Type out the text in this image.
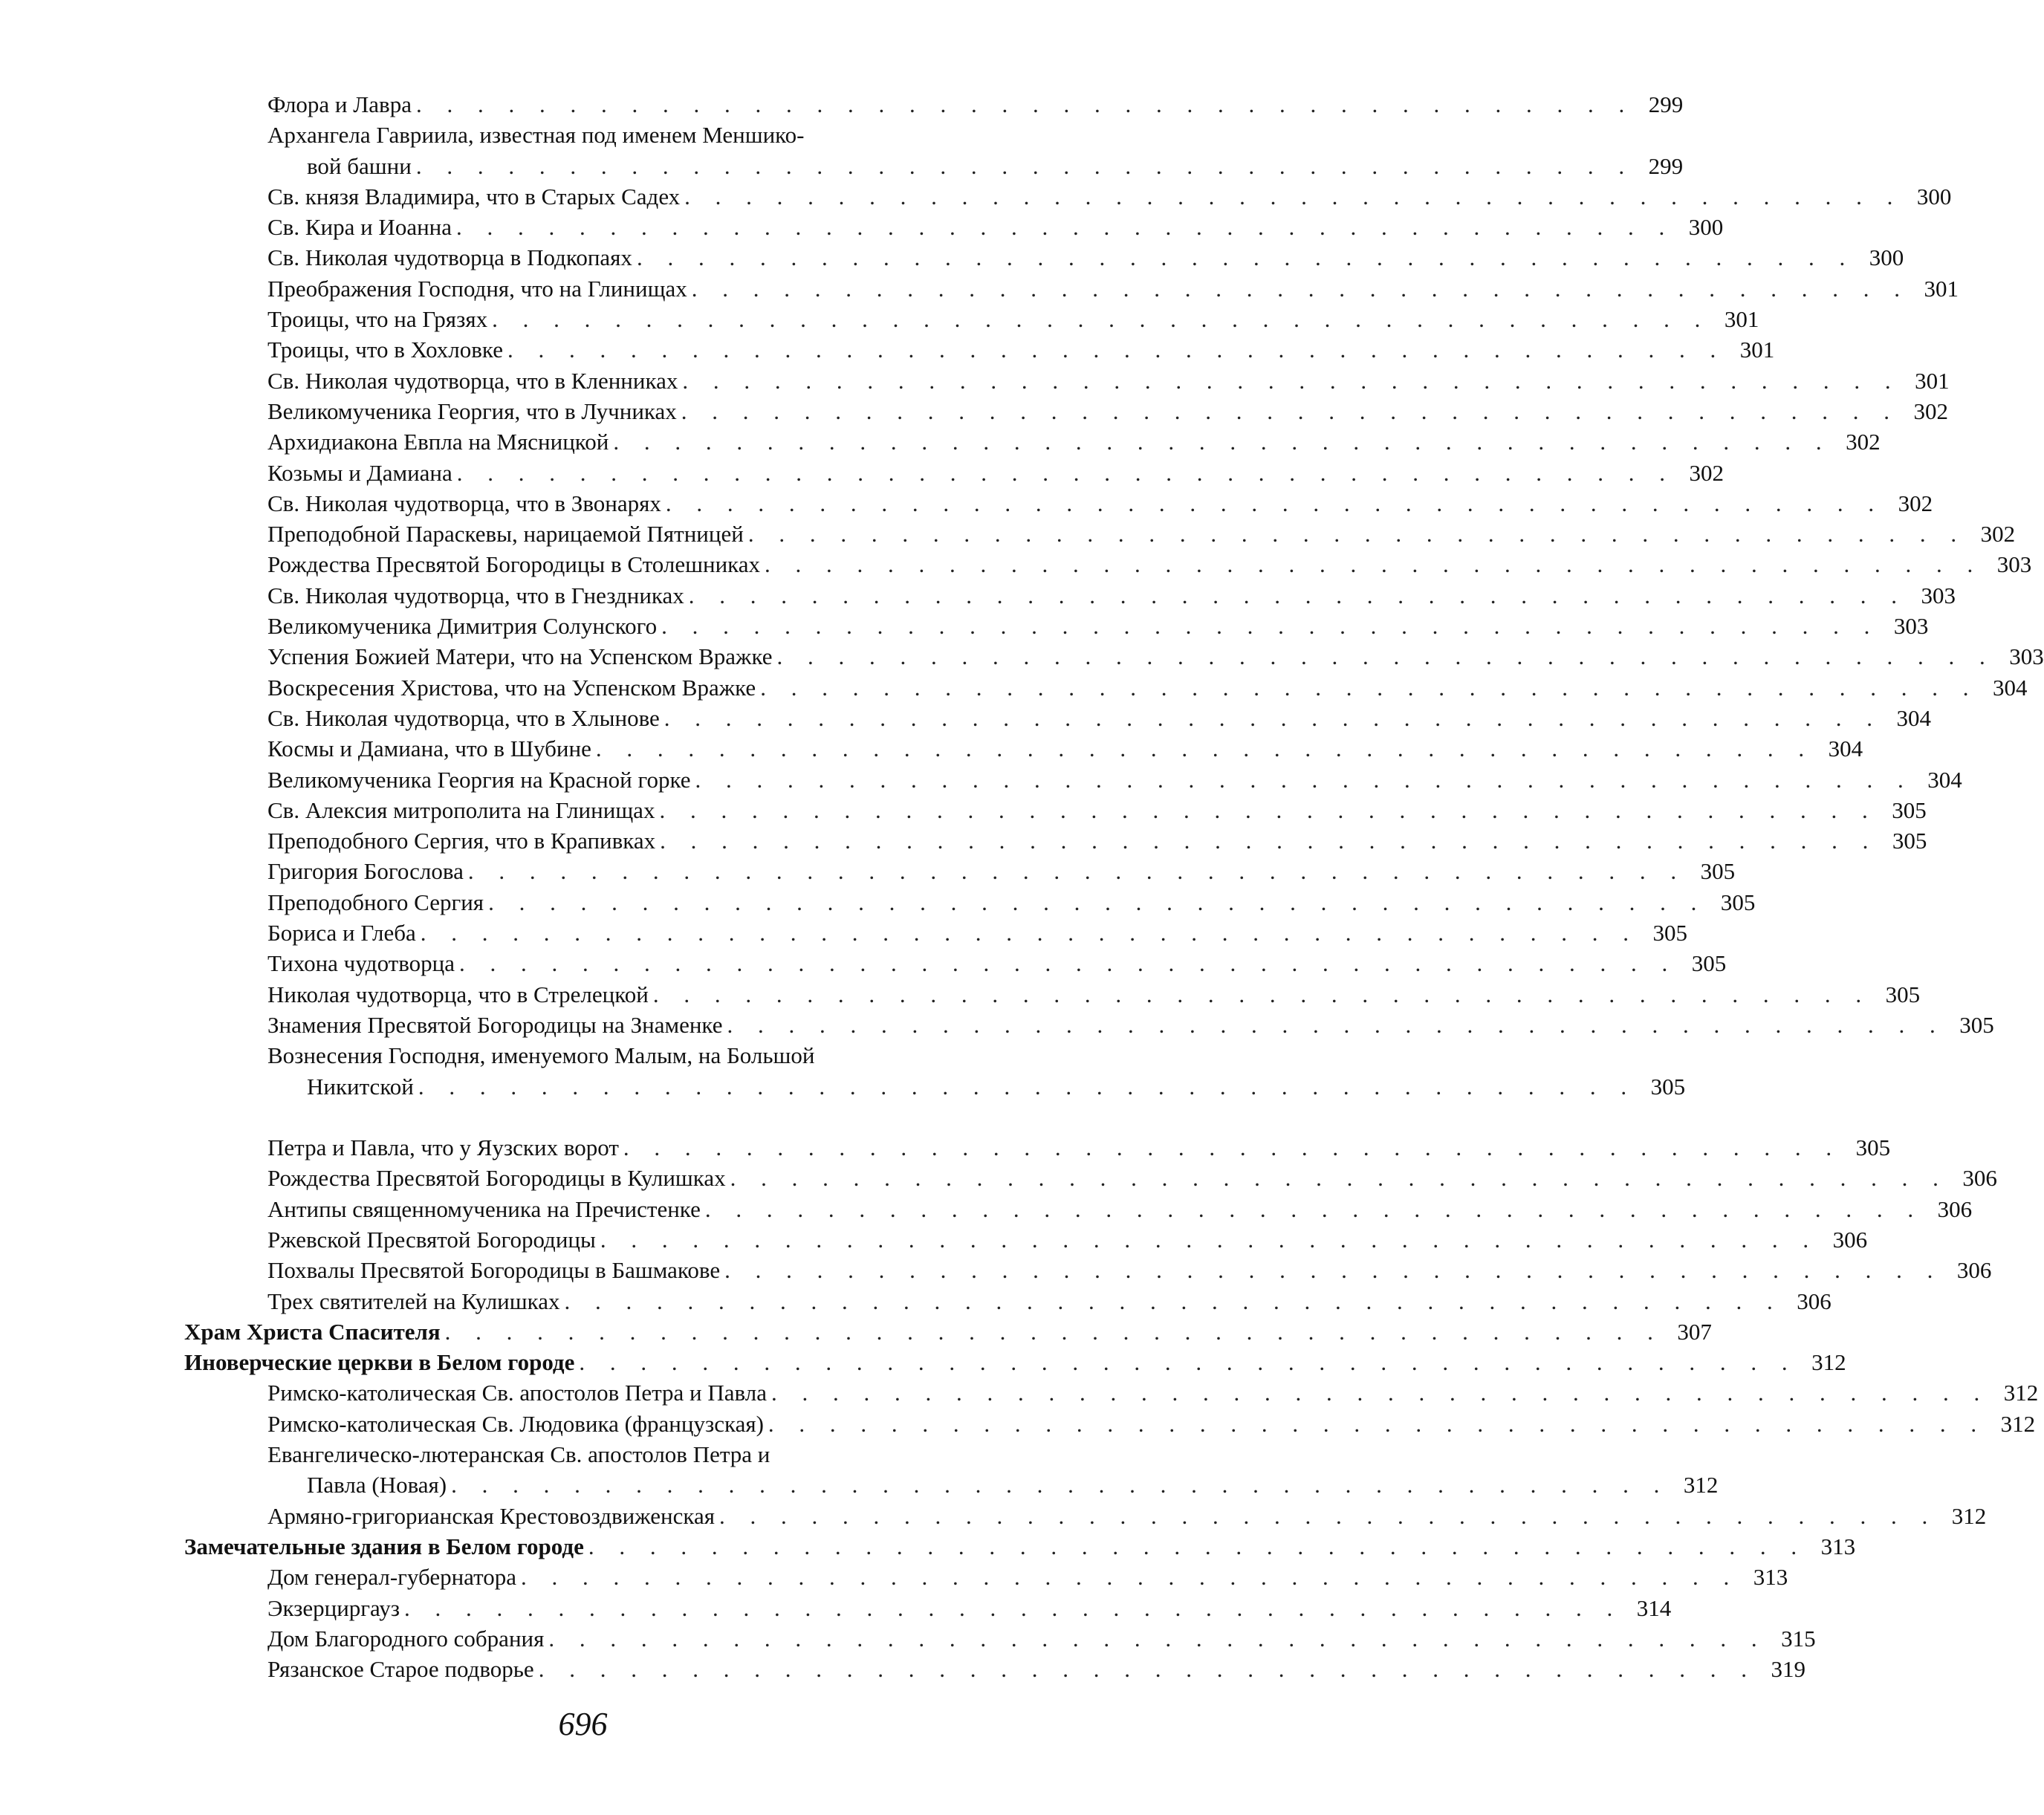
Флора и Лавра . . . . . . . . . . . . . . . . . . . . . . . . . . . . . . . . . . . . . . . . 299
Архангела Гавриила, известная под именем Меншико-
вой башни . . . . . . . . . . . . . . . . . . . . . . . . . . . . . . . . . . . . . . . . 299
Св. князя Владимира, что в Старых Садех . . . . . . . . . . . . . . . . . . . . . . . . . . . . . . . . . . . . . . . . 300
Св. Кира и Иоанна . . . . . . . . . . . . . . . . . . . . . . . . . . . . . . . . . . . . . . . . 300
Св. Николая чудотворца в Подкопаях . . . . . . . . . . . . . . . . . . . . . . . . . . . . . . . . . . . . . . . . 300
Преображения Господня, что на Глинищах . . . . . . . . . . . . . . . . . . . . . . . . . . . . . . . . . . . . . . . . 301
Троицы, что на Грязях . . . . . . . . . . . . . . . . . . . . . . . . . . . . . . . . . . . . . . . . 301
Троицы, что в Хохловке . . . . . . . . . . . . . . . . . . . . . . . . . . . . . . . . . . . . . . . . 301
Св. Николая чудотворца, что в Кленниках . . . . . . . . . . . . . . . . . . . . . . . . . . . . . . . . . . . . . . . . 301
Великомученика Георгия, что в Лучниках . . . . . . . . . . . . . . . . . . . . . . . . . . . . . . . . . . . . . . . . 302
Архидиакона Евпла на Мясницкой . . . . . . . . . . . . . . . . . . . . . . . . . . . . . . . . . . . . . . . . 302
Козьмы и Дамиана . . . . . . . . . . . . . . . . . . . . . . . . . . . . . . . . . . . . . . . . 302
Св. Николая чудотворца, что в Звонарях . . . . . . . . . . . . . . . . . . . . . . . . . . . . . . . . . . . . . . . . 302
Преподобной Параскевы, нарицаемой Пятницей . . . . . . . . . . . . . . . . . . . . . . . . . . . . . . . . . . . . . . . . 302
Рождества Пресвятой Богородицы в Столешниках . . . . . . . . . . . . . . . . . . . . . . . . . . . . . . . . . . . . . . . . 303
Св. Николая чудотворца, что в Гнездниках . . . . . . . . . . . . . . . . . . . . . . . . . . . . . . . . . . . . . . . . 303
Великомученика Димитрия Солунского . . . . . . . . . . . . . . . . . . . . . . . . . . . . . . . . . . . . . . . . 303
Успения Божией Матери, что на Успенском Вражке . . . . . . . . . . . . . . . . . . . . . . . . . . . . . . . . . . . . . . . . 303
Воскресения Христова, что на Успенском Вражке . . . . . . . . . . . . . . . . . . . . . . . . . . . . . . . . . . . . . . . . 304
Св. Николая чудотворца, что в Хлынове . . . . . . . . . . . . . . . . . . . . . . . . . . . . . . . . . . . . . . . . 304
Космы и Дамиана, что в Шубине . . . . . . . . . . . . . . . . . . . . . . . . . . . . . . . . . . . . . . . . 304
Великомученика Георгия на Красной горке . . . . . . . . . . . . . . . . . . . . . . . . . . . . . . . . . . . . . . . . 304
Св. Алексия митрополита на Глинищах . . . . . . . . . . . . . . . . . . . . . . . . . . . . . . . . . . . . . . . . 305
Преподобного Сергия, что в Крапивках . . . . . . . . . . . . . . . . . . . . . . . . . . . . . . . . . . . . . . . . 305
Григория Богослова . . . . . . . . . . . . . . . . . . . . . . . . . . . . . . . . . . . . . . . . 305
Преподобного Сергия . . . . . . . . . . . . . . . . . . . . . . . . . . . . . . . . . . . . . . . . 305
Бориса и Глеба . . . . . . . . . . . . . . . . . . . . . . . . . . . . . . . . . . . . . . . . 305
Тихона чудотворца . . . . . . . . . . . . . . . . . . . . . . . . . . . . . . . . . . . . . . . . 305
Николая чудотворца, что в Стрелецкой . . . . . . . . . . . . . . . . . . . . . . . . . . . . . . . . . . . . . . . . 305
Знамения Пресвятой Богородицы на Знаменке . . . . . . . . . . . . . . . . . . . . . . . . . . . . . . . . . . . . . . . . 305
Вознесения Господня, именуемого Малым, на Большой
Никитской . . . . . . . . . . . . . . . . . . . . . . . . . . . . . . . . . . . . . . . . 305
Петра и Павла, что у Яузских ворот . . . . . . . . . . . . . . . . . . . . . . . . . . . . . . . . . . . . . . . . 305
Рождества Пресвятой Богородицы в Кулишках . . . . . . . . . . . . . . . . . . . . . . . . . . . . . . . . . . . . . . . . 306
Антипы священномученика на Пречистенке . . . . . . . . . . . . . . . . . . . . . . . . . . . . . . . . . . . . . . . . 306
Ржевской Пресвятой Богородицы . . . . . . . . . . . . . . . . . . . . . . . . . . . . . . . . . . . . . . . . 306
Похвалы Пресвятой Богородицы в Башмакове . . . . . . . . . . . . . . . . . . . . . . . . . . . . . . . . . . . . . . . . 306
Трех святителей на Кулишках . . . . . . . . . . . . . . . . . . . . . . . . . . . . . . . . . . . . . . . . 306
Храм Христа Спасителя . . . . . . . . . . . . . . . . . . . . . . . . . . . . . . . . . . . . . . . . 307
Иноверческие церкви в Белом городе . . . . . . . . . . . . . . . . . . . . . . . . . . . . . . . . . . . . . . . . 312
Римско-католическая Св. апостолов Петра и Павла . . . . . . . . . . . . . . . . . . . . . . . . . . . . . . . . . . . . . . . . 312
Римско-католическая Св. Людовика (французская) . . . . . . . . . . . . . . . . . . . . . . . . . . . . . . . . . . . . . . . . 312
Евангелическо-лютеранская Св. апостолов Петра и
Павла (Новая) . . . . . . . . . . . . . . . . . . . . . . . . . . . . . . . . . . . . . . . . 312
Армяно-григорианская Крестовоздвиженская . . . . . . . . . . . . . . . . . . . . . . . . . . . . . . . . . . . . . . . . 312
Замечательные здания в Белом городе . . . . . . . . . . . . . . . . . . . . . . . . . . . . . . . . . . . . . . . . 313
Дом генерал-губернатора . . . . . . . . . . . . . . . . . . . . . . . . . . . . . . . . . . . . . . . . 313
Экзерциргауз . . . . . . . . . . . . . . . . . . . . . . . . . . . . . . . . . . . . . . . . 314
Дом Благородного собрания . . . . . . . . . . . . . . . . . . . . . . . . . . . . . . . . . . . . . . . . 315
Рязанское Старое подворье . . . . . . . . . . . . . . . . . . . . . . . . . . . . . . . . . . . . . . . . 319
696
